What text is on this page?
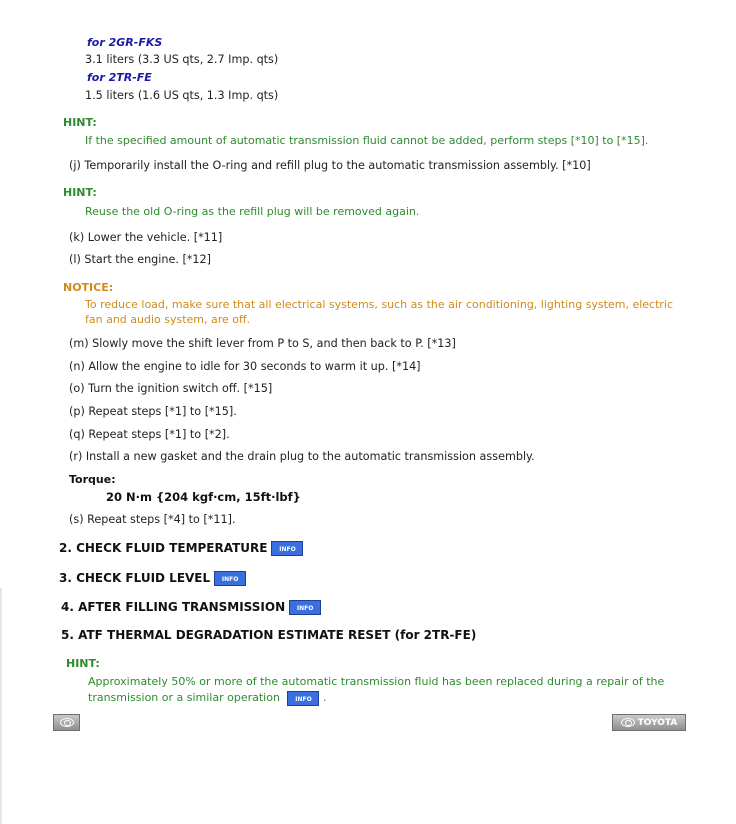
for 2GR-FKS
3.1 liters (3.3 US qts, 2.7 Imp. qts)
for 2TR-FE
1.5 liters (1.6 US qts, 1.3 Imp. qts)
HINT:
If the specified amount of automatic transmission fluid cannot be added, perform steps [*10] to [*15].
(j) Temporarily install the O-ring and refill plug to the automatic transmission assembly. [*10]
HINT:
Reuse the old O-ring as the refill plug will be removed again.
(k) Lower the vehicle. [*11]
(l) Start the engine. [*12]
NOTICE:
To reduce load, make sure that all electrical systems, such as the air conditioning, lighting system, electric fan and audio system, are off.
(m) Slowly move the shift lever from P to S, and then back to P. [*13]
(n) Allow the engine to idle for 30 seconds to warm it up. [*14]
(o) Turn the ignition switch off. [*15]
(p) Repeat steps [*1] to [*15].
(q) Repeat steps [*1] to [*2].
(r) Install a new gasket and the drain plug to the automatic transmission assembly.
Torque:
20 N·m {204 kgf·cm, 15ft·lbf}
(s) Repeat steps [*4] to [*11].
2. CHECK FLUID TEMPERATURE INFO
3. CHECK FLUID LEVEL INFO
4. AFTER FILLING TRANSMISSION INFO
5. ATF THERMAL DEGRADATION ESTIMATE RESET (for 2TR-FE)
HINT:
Approximately 50% or more of the automatic transmission fluid has been replaced during a repair of the transmission or a similar operation	INFO .
TOYOTA
